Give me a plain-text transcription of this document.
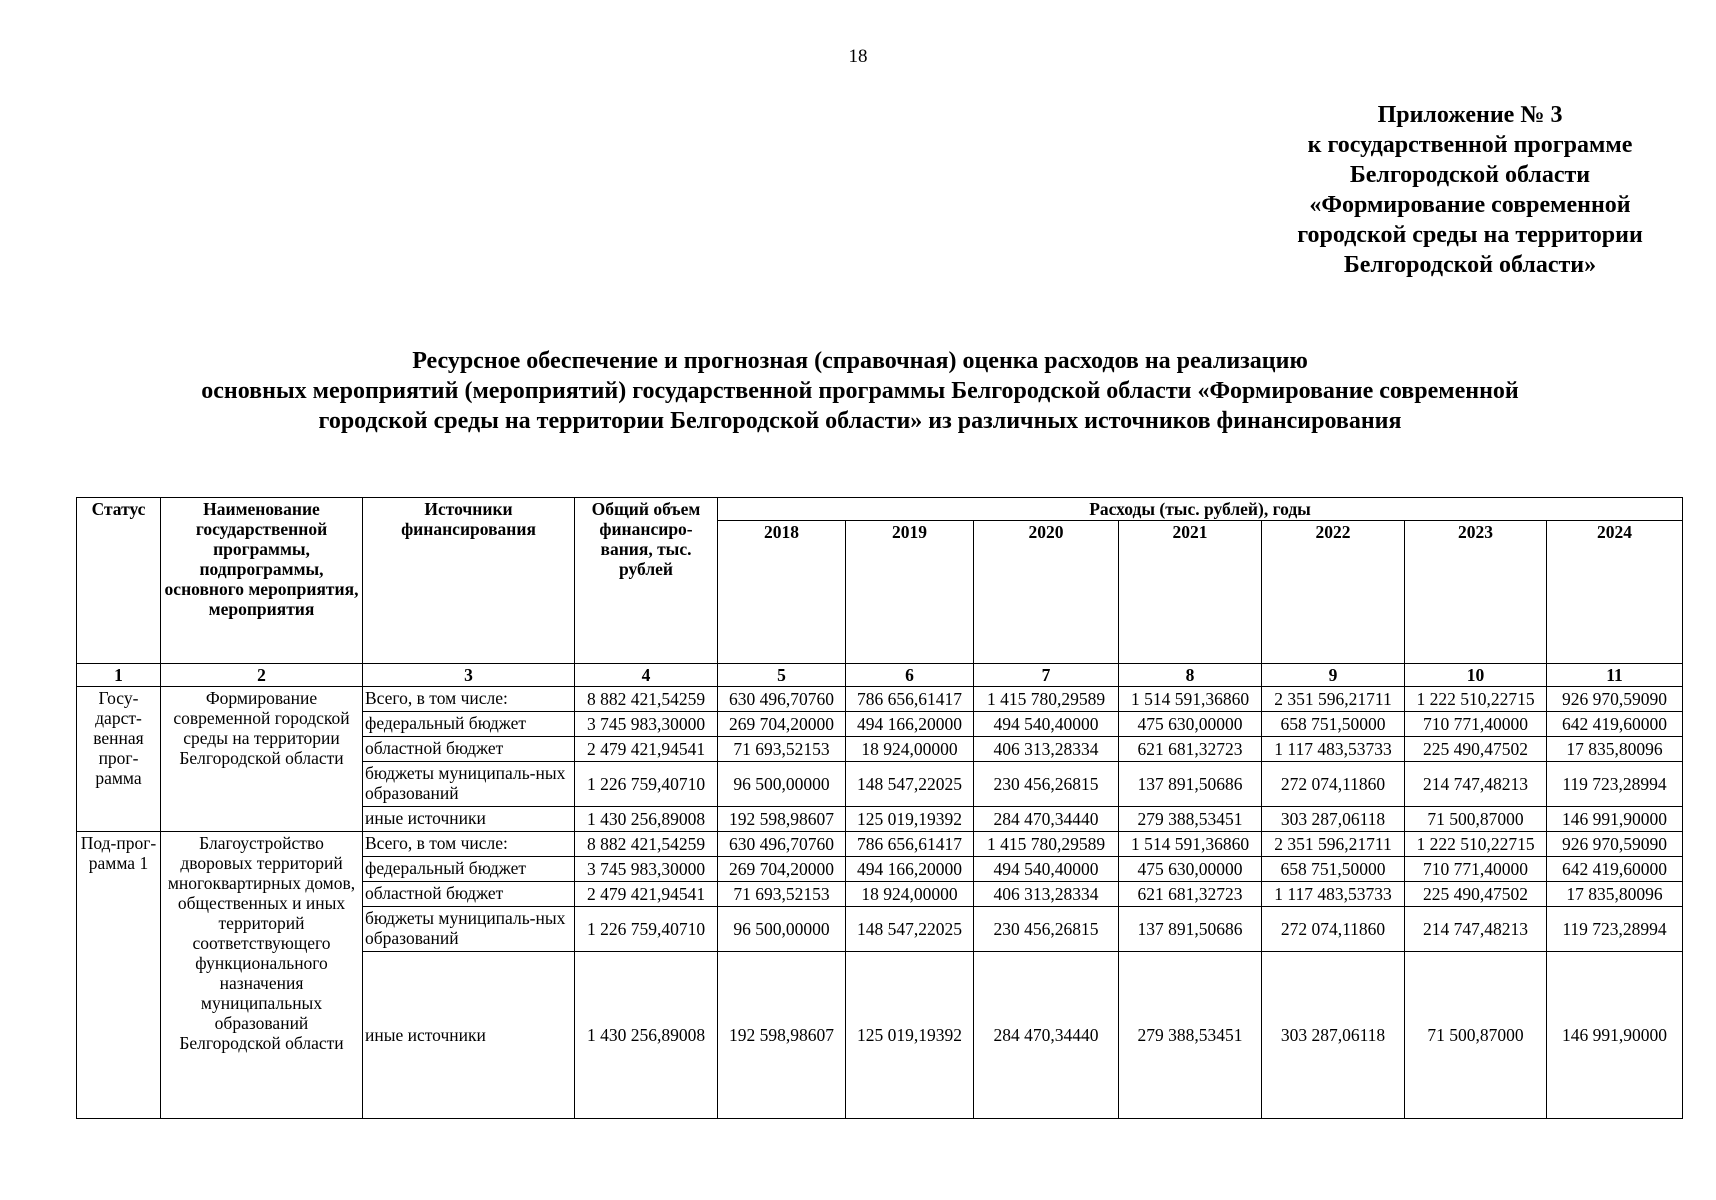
18
Приложение № 3
к государственной программе
Белгородской области
«Формирование современной
городской среды на территории
Белгородской области»
Ресурсное обеспечение и прогнозная (справочная) оценка расходов на реализацию
основных мероприятий (мероприятий) государственной программы Белгородской области «Формирование современной
городской среды на территории Белгородской области» из различных источников финансирования
Статус	Наименование государственной программы, подпрограммы, основного мероприятия, мероприятия	Источники финансирования	Общий объем финансиро-вания, тыс. рублей	Расходы (тыс. рублей), годы						
				2018	2019	2020	2021	2022	2023	2024
1	2	3	4	5	6	7	8	9	10	11
Госу-дарст-венная прог-рамма	Формирование современной городской среды на территории Белгородской области	Всего, в том числе:	8 882 421,54259	630 496,70760	786 656,61417	1 415 780,29589	1 514 591,36860	2 351 596,21711	1 222 510,22715	926 970,59090
		федеральный бюджет	3 745 983,30000	269 704,20000	494 166,20000	494 540,40000	475 630,00000	658 751,50000	710 771,40000	642 419,60000
		областной бюджет	2 479 421,94541	71 693,52153	18 924,00000	406 313,28334	621 681,32723	1 117 483,53733	225 490,47502	17 835,80096
		бюджеты муниципаль-ных образований	1 226 759,40710	96 500,00000	148 547,22025	230 456,26815	137 891,50686	272 074,11860	214 747,48213	119 723,28994
		иные источники	1 430 256,89008	192 598,98607	125 019,19392	284 470,34440	279 388,53451	303 287,06118	71 500,87000	146 991,90000
Под-прог-рамма 1	Благоустройство дворовых территорий многоквартирных домов, общественных и иных территорий соответствующего функционального назначения муниципальных образований Белгородской области	Всего, в том числе:	8 882 421,54259	630 496,70760	786 656,61417	1 415 780,29589	1 514 591,36860	2 351 596,21711	1 222 510,22715	926 970,59090
		федеральный бюджет	3 745 983,30000	269 704,20000	494 166,20000	494 540,40000	475 630,00000	658 751,50000	710 771,40000	642 419,60000
		областной бюджет	2 479 421,94541	71 693,52153	18 924,00000	406 313,28334	621 681,32723	1 117 483,53733	225 490,47502	17 835,80096
		бюджеты муниципаль-ных образований	1 226 759,40710	96 500,00000	148 547,22025	230 456,26815	137 891,50686	272 074,11860	214 747,48213	119 723,28994
		иные источники	1 430 256,89008	192 598,98607	125 019,19392	284 470,34440	279 388,53451	303 287,06118	71 500,87000	146 991,90000
